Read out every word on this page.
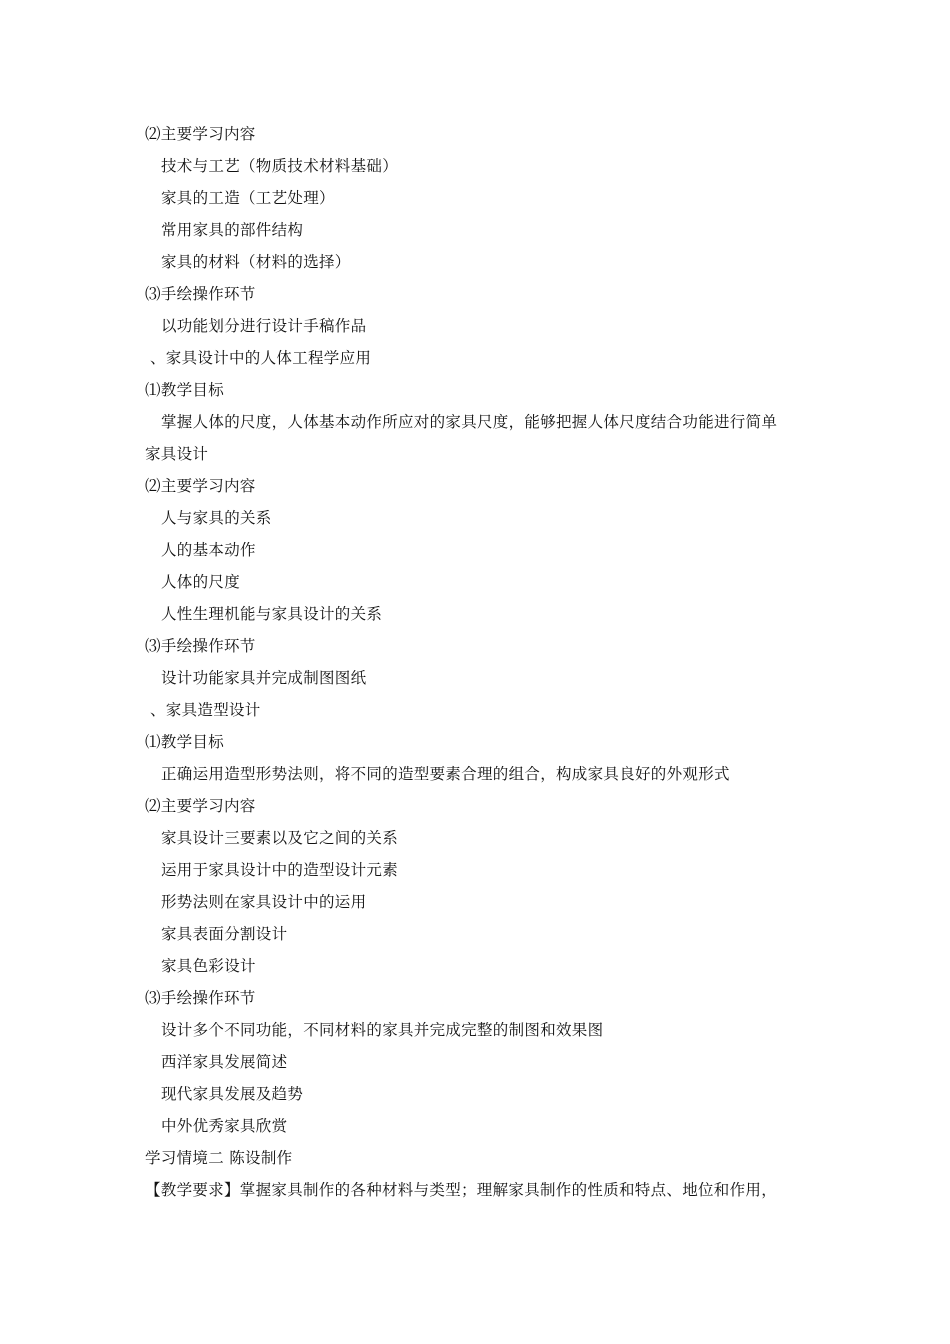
⑵主要学习内容
技术与工艺（物质技术材料基础）
家具的工造（工艺处理）
常用家具的部件结构
家具的材料（材料的选择）
⑶手绘操作环节
以功能划分进行设计手稿作品
、家具设计中的人体工程学应用
⑴教学目标
掌握人体的尺度，人体基本动作所应对的家具尺度，能够把握人体尺度结合功能进行简单
家具设计
⑵主要学习内容
人与家具的关系
人的基本动作
人体的尺度
人性生理机能与家具设计的关系
⑶手绘操作环节
设计功能家具并完成制图图纸
、家具造型设计
⑴教学目标
正确运用造型形势法则，将不同的造型要素合理的组合，构成家具良好的外观形式
⑵主要学习内容
家具设计三要素以及它之间的关系
运用于家具设计中的造型设计元素
形势法则在家具设计中的运用
家具表面分割设计
家具色彩设计
⑶手绘操作环节
设计多个不同功能，不同材料的家具并完成完整的制图和效果图
西洋家具发展简述
现代家具发展及趋势
中外优秀家具欣赏
学习情境二 陈设制作
【教学要求】掌握家具制作的各种材料与类型；理解家具制作的性质和特点、地位和作用，
